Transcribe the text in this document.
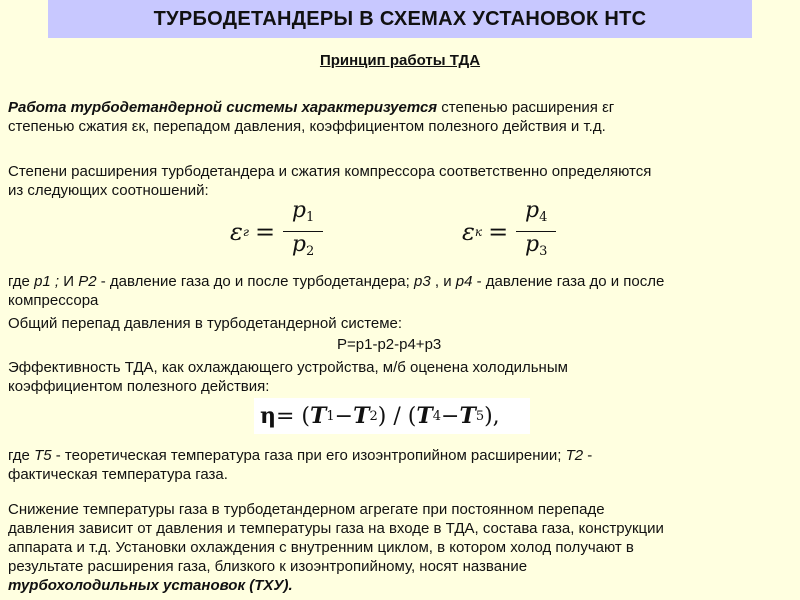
ТУРБОДЕТАНДЕРЫ В СХЕМАХ УСТАНОВОК НТС
Принцип работы ТДА
Работа турбодетандерной системы характеризуется степенью расширения εг
степенью сжатия εк, перепадом давления, коэффициентом полезного действия и т.д.
Степени расширения турбодетандера и сжатия компрессора соответственно определяются
из следующих соотношений:
ε $г = \frac{p_1}{p_2}$	ε $к = \frac{p_4}{p_3}$
где р1 ; И Р2 - давление газа до и после турбодетандера; р3 , и р4 - давление газа до и после
компрессора
Общий перепад давления в турбодетандерной системе:
Р=р1-р2-р4+р3
Эффективность ТДА, как охлаждающего устройства, м/б оценена холодильным
коэффициентом полезного действия:
η = ( T 1 − T 2 ) / ( T 4 − T 5 ),
где Т5 - теоретическая температура газа при его изоэнтропийном расширении; Т2 -
фактическая температура газа.
Снижение температуры газа в турбодетандерном агрегате при постоянном перепаде
давления зависит от давления и температуры газа на входе в ТДА, состава газа, конструкции
аппарата и т.д. Установки охлаждения с внутренним циклом, в котором холод получают в
результате расширения газа, близкого к изоэнтропийному, носят название
турбохолодильных установок (ТХУ).
